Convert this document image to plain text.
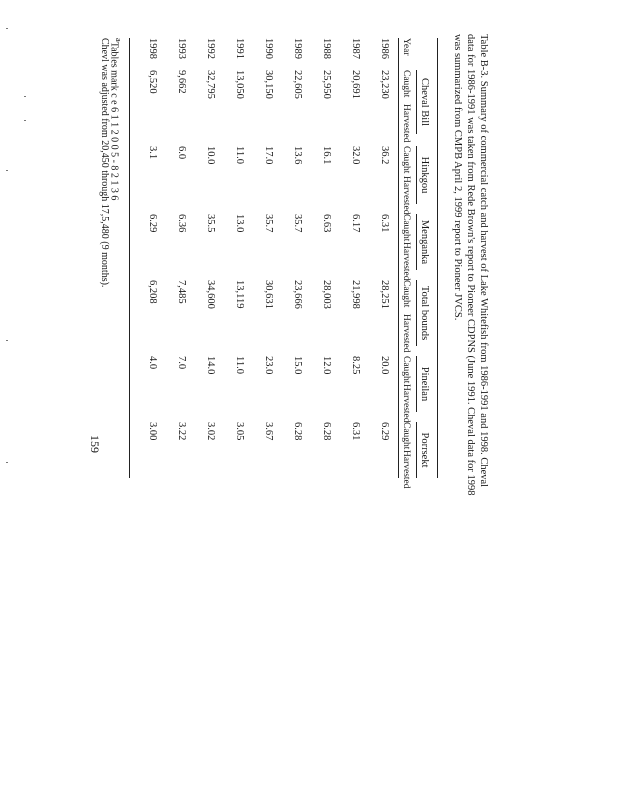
Table B-3. Summary of commercial catch and harvest of Lake Whitefish from 1986-1991 and 1998. Cheval data for 1986-1991 was taken from Rede Brown's report to Pioneer CDPNS (June 1991. Cheval data for 1998 was summarized from CMPB April 2, 1999 report to Pioneer JVCS.
Cheval Bill
Hinkgou
Menganka
Total bounds
Pineilan
Porrsekt
Year
Caught
Harvested
Caught
Harvested
Caught
Harvested
Caught
Harvested
Caught
Harvested
Caught
Harvested
1986
23,230
36.2
6.31
28,251
20.0
6.29
1987
20,691
32.0
6.17
21,998
8.25
6.31
1988
25,950
16.1
6.63
28,003
12.0
6.28
1989
22,605
13.6
35.7
23,666
15.0
6.28
1990
30,150
17.0
35.7
30,631
23.0
3.67
1991
13,050
11.0
13.0
13,119
11.0
3.05
1992
32,795
10.0
35.5
34,600
14.0
3.02
1993
9,662
6.0
6.36
7,485
7.0
3.22
1998
6,520
3.1
6.29
6,208
4.0
3.00
$^a$Tables mark c e 6 1 1 2 0 0 5 - 8 2 1 3 6
Chevl was adjusted from 20,450 through 17,5,480 (9 months).
159
